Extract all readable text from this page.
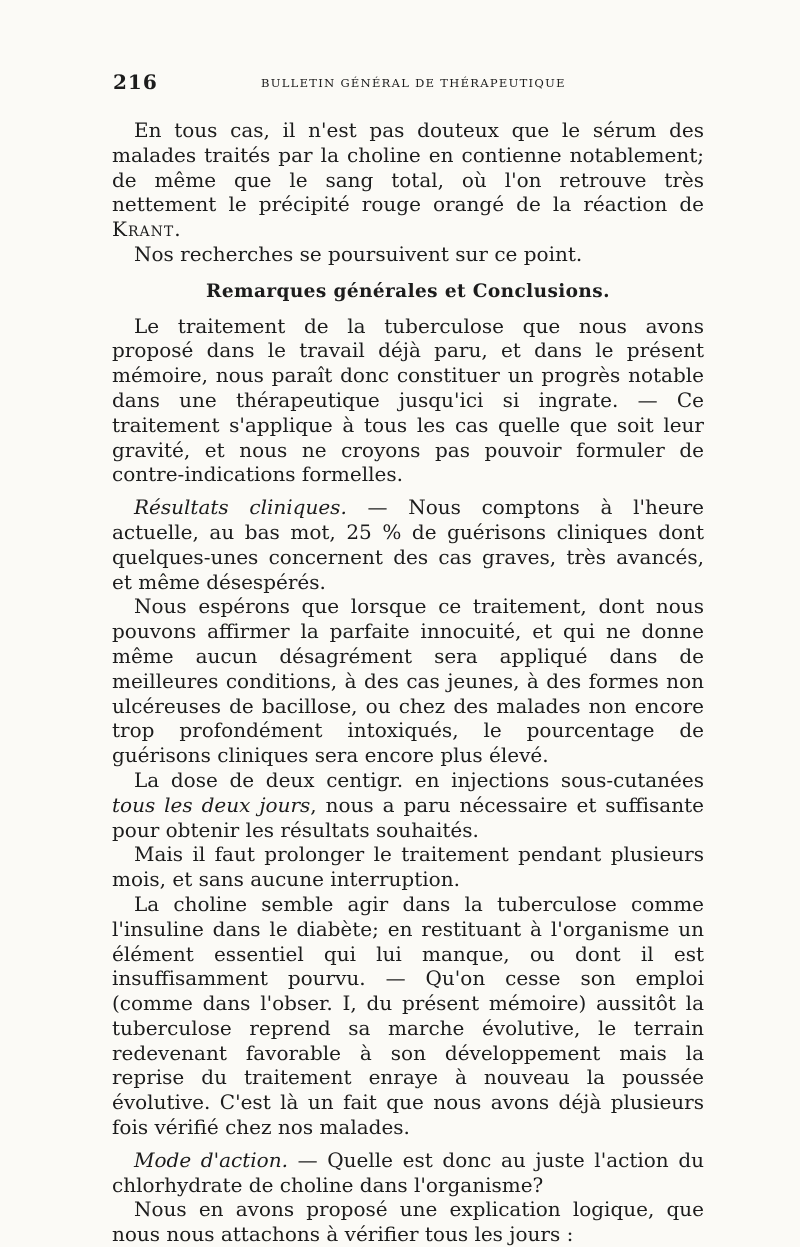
216	BULLETIN GÉNÉRAL DE THÉRAPEUTIQUE

En tous cas, il n'est pas douteux que le sérum des malades traités par la choline en contienne notablement; de même que le sang total, où l'on retrouve très nettement le précipité rouge orangé de la réaction de Krant.

Nos recherches se poursuivent sur ce point.

Remarques générales et Conclusions.

Le traitement de la tuberculose que nous avons proposé dans le travail déjà paru, et dans le présent mémoire, nous paraît donc constituer un progrès notable dans une thérapeutique jusqu'ici si ingrate. — Ce traitement s'applique à tous les cas quelle que soit leur gravité, et nous ne croyons pas pouvoir formuler de contre-indications formelles.

Résultats cliniques. — Nous comptons à l'heure actuelle, au bas mot, 25 % de guérisons cliniques dont quelques-unes concernent des cas graves, très avancés, et même désespérés.

Nous espérons que lorsque ce traitement, dont nous pouvons affirmer la parfaite innocuité, et qui ne donne même aucun désagrément sera appliqué dans de meilleures conditions, à des cas jeunes, à des formes non ulcéreuses de bacillose, ou chez des malades non encore trop profondément intoxiqués, le pourcentage de guérisons cliniques sera encore plus élevé.

La dose de deux centigr. en injections sous-cutanées tous les deux jours, nous a paru nécessaire et suffisante pour obtenir les résultats souhaités.

Mais il faut prolonger le traitement pendant plusieurs mois, et sans aucune interruption.

La choline semble agir dans la tuberculose comme l'insuline dans le diabète; en restituant à l'organisme un élément essentiel qui lui manque, ou dont il est insuffisamment pourvu. — Qu'on cesse son emploi (comme dans l'obser. I, du présent mémoire) aussitôt la tuberculose reprend sa marche évolutive, le terrain redevenant favorable à son développement mais la reprise du traitement enraye à nouveau la poussée évolutive. C'est là un fait que nous avons déjà plusieurs fois vérifié chez nos malades.

Mode d'action. — Quelle est donc au juste l'action du chlorhydrate de choline dans l'organisme?

Nous en avons proposé une explication logique, que nous nous attachons à vérifier tous les jours :
